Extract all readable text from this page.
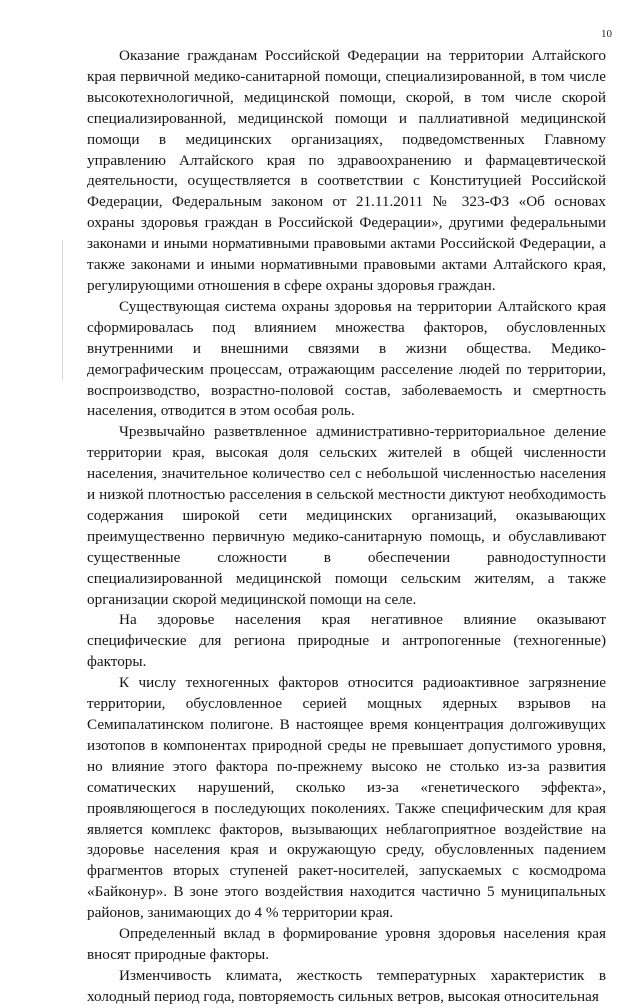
10

Оказание гражданам Российской Федерации на территории Алтайского края первичной медико-санитарной помощи, специализированной, в том числе высокотехнологичной, медицинской помощи, скорой, в том числе скорой специализированной, медицинской помощи и паллиативной медицинской помощи в медицинских организациях, подведомственных Главному управлению Алтайского края по здравоохранению и фармацевтической деятельности, осуществляется в соответствии с Конституцией Российской Федерации, Федеральным законом от 21.11.2011 № 323-ФЗ «Об основах охраны здоровья граждан в Российской Федерации», другими федеральными законами и иными нормативными правовыми актами Российской Федерации, а также законами и иными нормативными правовыми актами Алтайского края, регулирующими отношения в сфере охраны здоровья граждан.

Существующая система охраны здоровья на территории Алтайского края сформировалась под влиянием множества факторов, обусловленных внутренними и внешними связями в жизни общества. Медико-демографическим процессам, отражающим расселение людей по территории, воспроизводство, возрастно-половой состав, заболеваемость и смертность населения, отводится в этом особая роль.

Чрезвычайно разветвленное административно-территориальное деление территории края, высокая доля сельских жителей в общей численности населения, значительное количество сел с небольшой численностью населения и низкой плотностью расселения в сельской местности диктуют необходимость содержания широкой сети медицинских организаций, оказывающих преимущественно первичную медико-санитарную помощь, и обуславливают существенные сложности в обеспечении равнодоступности специализированной медицинской помощи сельским жителям, а также организации скорой медицинской помощи на селе.

На здоровье населения края негативное влияние оказывают специфические для региона природные и антропогенные (техногенные) факторы.

К числу техногенных факторов относится радиоактивное загрязнение территории, обусловленное серией мощных ядерных взрывов на Семипалатинском полигоне. В настоящее время концентрация долгоживущих изотопов в компонентах природной среды не превышает допустимого уровня, но влияние этого фактора по-прежнему высоко не столько из-за развития соматических нарушений, сколько из-за «генетического эффекта», проявляющегося в последующих поколениях. Также специфическим для края является комплекс факторов, вызывающих неблагоприятное воздействие на здоровье населения края и окружающую среду, обусловленных падением фрагментов вторых ступеней ракет-носителей, запускаемых с космодрома «Байконур». В зоне этого воздействия находится частично 5 муниципальных районов, занимающих до 4 % территории края.

Определенный вклад в формирование уровня здоровья населения края вносят природные факторы.

Изменчивость климата, жесткость температурных характеристик в холодный период года, повторяемость сильных ветров, высокая относительная
